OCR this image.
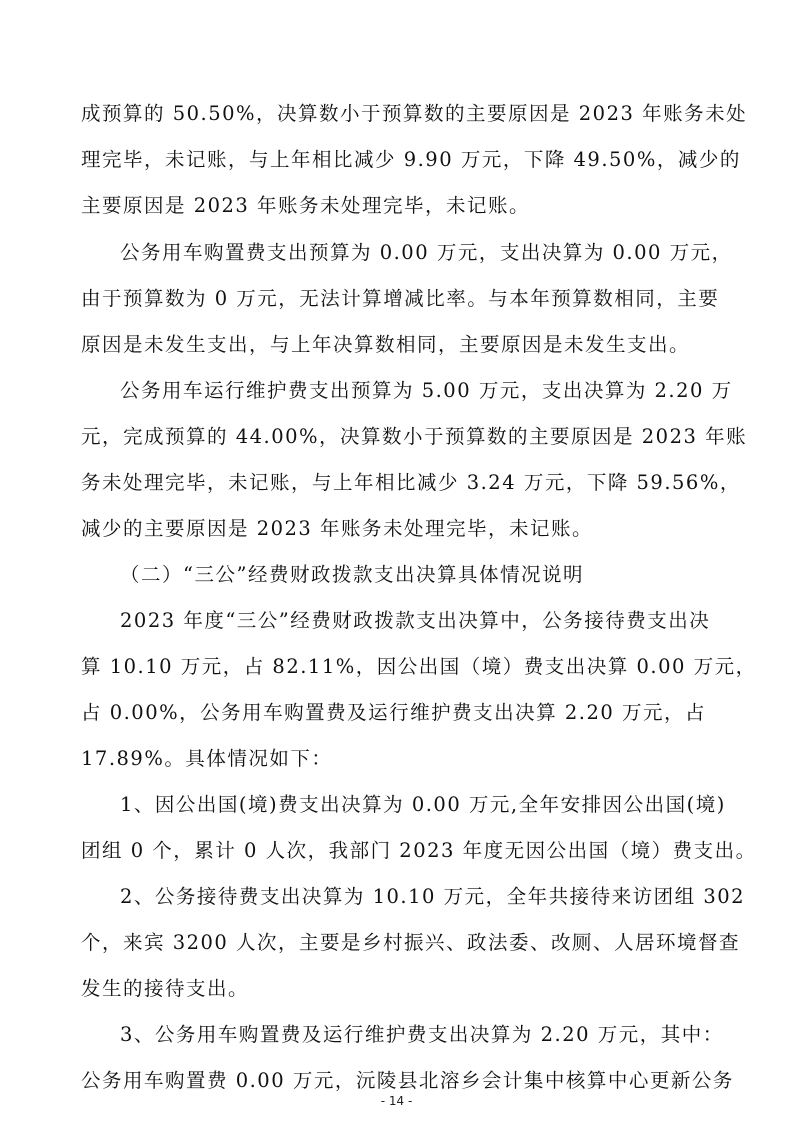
成预算的 50.50%，决算数小于预算数的主要原因是 2023 年账务未处
理完毕，未记账，与上年相比减少 9.90 万元，下降 49.50%，减少的
主要原因是 2023 年账务未处理完毕，未记账。
公务用车购置费支出预算为 0.00 万元，支出决算为 0.00 万元，
由于预算数为 0 万元，无法计算增减比率。与本年预算数相同，主要
原因是未发生支出，与上年决算数相同，主要原因是未发生支出。
公务用车运行维护费支出预算为 5.00 万元，支出决算为 2.20 万
元，完成预算的 44.00%，决算数小于预算数的主要原因是 2023 年账
务未处理完毕，未记账，与上年相比减少 3.24 万元，下降 59.56%，
减少的主要原因是 2023 年账务未处理完毕，未记账。
（二）“三公”经费财政拨款支出决算具体情况说明
2023 年度“三公”经费财政拨款支出决算中，公务接待费支出决
算 10.10 万元，占 82.11%，因公出国（境）费支出决算 0.00 万元，
占 0.00%，公务用车购置费及运行维护费支出决算 2.20 万元，占
17.89%。具体情况如下：
1、因公出国(境)费支出决算为 0.00 万元,全年安排因公出国(境)
团组 0 个，累计 0 人次，我部门 2023 年度无因公出国（境）费支出。
2、公务接待费支出决算为 10.10 万元，全年共接待来访团组 302
个，来宾 3200 人次，主要是乡村振兴、政法委、改厕、人居环境督查
发生的接待支出。
3、公务用车购置费及运行维护费支出决算为 2.20 万元，其中：
公务用车购置费 0.00 万元，沅陵县北溶乡会计集中核算中心更新公务
- 14 -
